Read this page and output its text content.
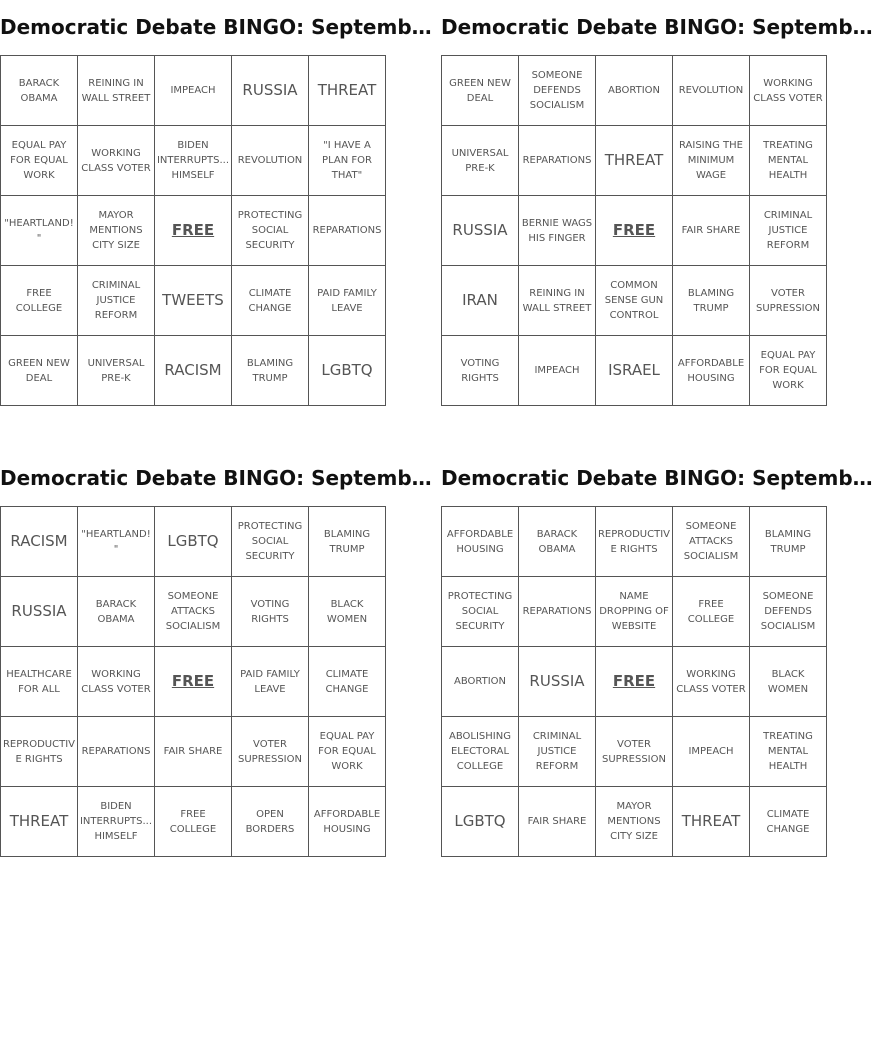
Democratic Debate BINGO: Septemb…
BARACK OBAMA	REINING IN WALL STREET	IMPEACH	RUSSIA	THREAT
EQUAL PAY FOR EQUAL WORK	WORKING CLASS VOTER	BIDEN INTERRUPTS...HIMSELF	REVOLUTION	"I HAVE A PLAN FOR THAT"
"HEARTLAND!"	MAYOR MENTIONS CITY SIZE	FREE	PROTECTING SOCIAL SECURITY	REPARATIONS
FREE COLLEGE	CRIMINAL JUSTICE REFORM	TWEETS	CLIMATE CHANGE	PAID FAMILY LEAVE
GREEN NEW DEAL	UNIVERSAL PRE-K	RACISM	BLAMING TRUMP	LGBTQ
Democratic Debate BINGO: Septemb…
GREEN NEW DEAL	SOMEONE DEFENDS SOCIALISM	ABORTION	REVOLUTION	WORKING CLASS VOTER
UNIVERSAL PRE-K	REPARATIONS	THREAT	RAISING THE MINIMUM WAGE	TREATING MENTAL HEALTH
RUSSIA	BERNIE WAGS HIS FINGER	FREE	FAIR SHARE	CRIMINAL JUSTICE REFORM
IRAN	REINING IN WALL STREET	COMMON SENSE GUN CONTROL	BLAMING TRUMP	VOTER SUPRESSION
VOTING RIGHTS	IMPEACH	ISRAEL	AFFORDABLE HOUSING	EQUAL PAY FOR EQUAL WORK
Democratic Debate BINGO: Septemb…
RACISM	"HEARTLAND!"	LGBTQ	PROTECTING SOCIAL SECURITY	BLAMING TRUMP
RUSSIA	BARACK OBAMA	SOMEONE ATTACKS SOCIALISM	VOTING RIGHTS	BLACK WOMEN
HEALTHCARE FOR ALL	WORKING CLASS VOTER	FREE	PAID FAMILY LEAVE	CLIMATE CHANGE
REPRODUCTIVE RIGHTS	REPARATIONS	FAIR SHARE	VOTER SUPRESSION	EQUAL PAY FOR EQUAL WORK
THREAT	BIDEN INTERRUPTS...HIMSELF	FREE COLLEGE	OPEN BORDERS	AFFORDABLE HOUSING
Democratic Debate BINGO: Septemb…
AFFORDABLE HOUSING	BARACK OBAMA	REPRODUCTIVE RIGHTS	SOMEONE ATTACKS SOCIALISM	BLAMING TRUMP
PROTECTING SOCIAL SECURITY	REPARATIONS	NAME DROPPING OF WEBSITE	FREE COLLEGE	SOMEONE DEFENDS SOCIALISM
ABORTION	RUSSIA	FREE	WORKING CLASS VOTER	BLACK WOMEN
ABOLISHING ELECTORAL COLLEGE	CRIMINAL JUSTICE REFORM	VOTER SUPRESSION	IMPEACH	TREATING MENTAL HEALTH
LGBTQ	FAIR SHARE	MAYOR MENTIONS CITY SIZE	THREAT	CLIMATE CHANGE
